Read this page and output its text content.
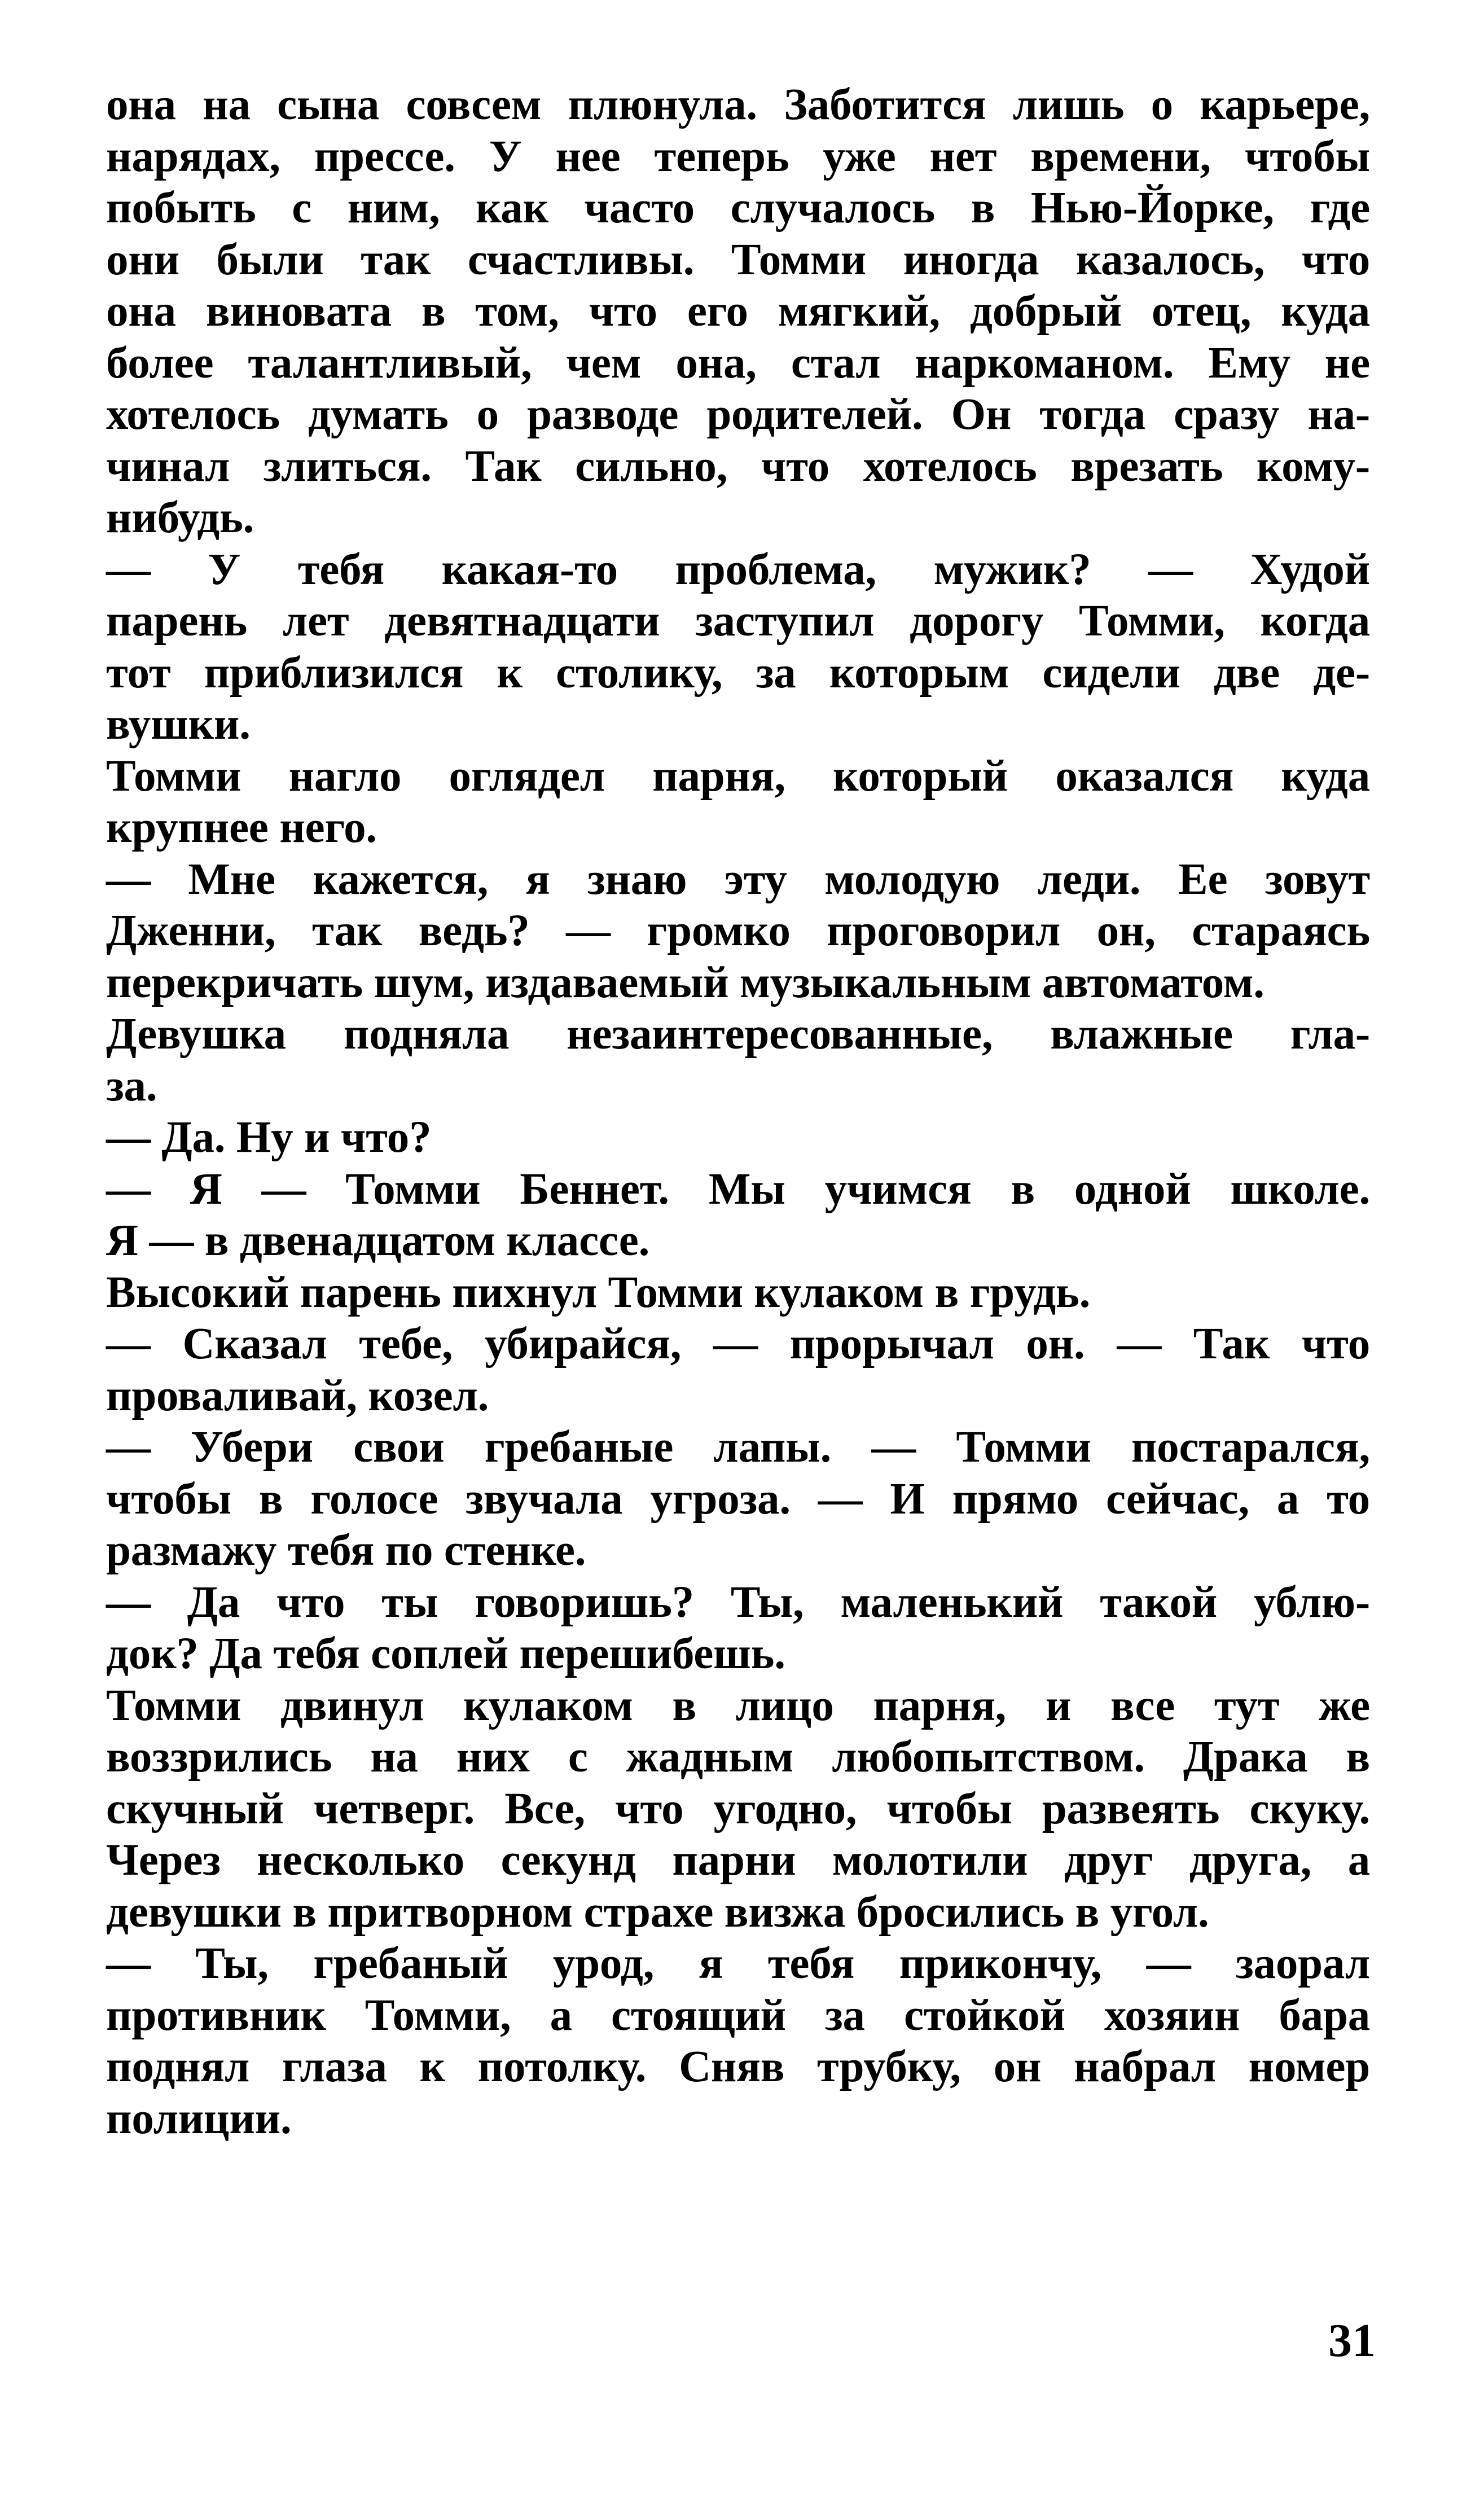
она на сына совсем плюнула. Заботится лишь о карьере,
нарядах, прессе. У нее теперь уже нет времени, чтобы
побыть с ним, как часто случалось в Нью-Йорке, где
они были так счастливы. Томми иногда казалось, что
она виновата в том, что его мягкий, добрый отец, куда
более талантливый, чем она, стал наркоманом. Ему не
хотелось думать о разводе родителей. Он тогда сразу на-
чинал злиться. Так сильно, что хотелось врезать кому-
нибудь.
— У тебя какая-то проблема, мужик? — Худой
парень лет девятнадцати заступил дорогу Томми, когда
тот приблизился к столику, за которым сидели две де-
вушки.
Томми нагло оглядел парня, который оказался куда
крупнее него.
— Мне кажется, я знаю эту молодую леди. Ее зовут
Дженни, так ведь? — громко проговорил он, стараясь
перекричать шум, издаваемый музыкальным автоматом.
Девушка подняла незаинтересованные, влажные гла-
за.
— Да. Ну и что?
— Я — Томми Беннет. Мы учимся в одной школе.
Я — в двенадцатом классе.
Высокий парень пихнул Томми кулаком в грудь.
— Сказал тебе, убирайся, — прорычал он. — Так что
проваливай, козел.
— Убери свои гребаные лапы. — Томми постарался,
чтобы в голосе звучала угроза. — И прямо сейчас, а то
размажу тебя по стенке.
— Да что ты говоришь? Ты, маленький такой ублю-
док? Да тебя соплей перешибешь.
Томми двинул кулаком в лицо парня, и все тут же
воззрились на них с жадным любопытством. Драка в
скучный четверг. Все, что угодно, чтобы развеять скуку.
Через несколько секунд парни молотили друг друга, а
девушки в притворном страхе визжа бросились в угол.
— Ты, гребаный урод, я тебя прикончу, — заорал
противник Томми, а стоящий за стойкой хозяин бара
поднял глаза к потолку. Сняв трубку, он набрал номер
полиции.
31
